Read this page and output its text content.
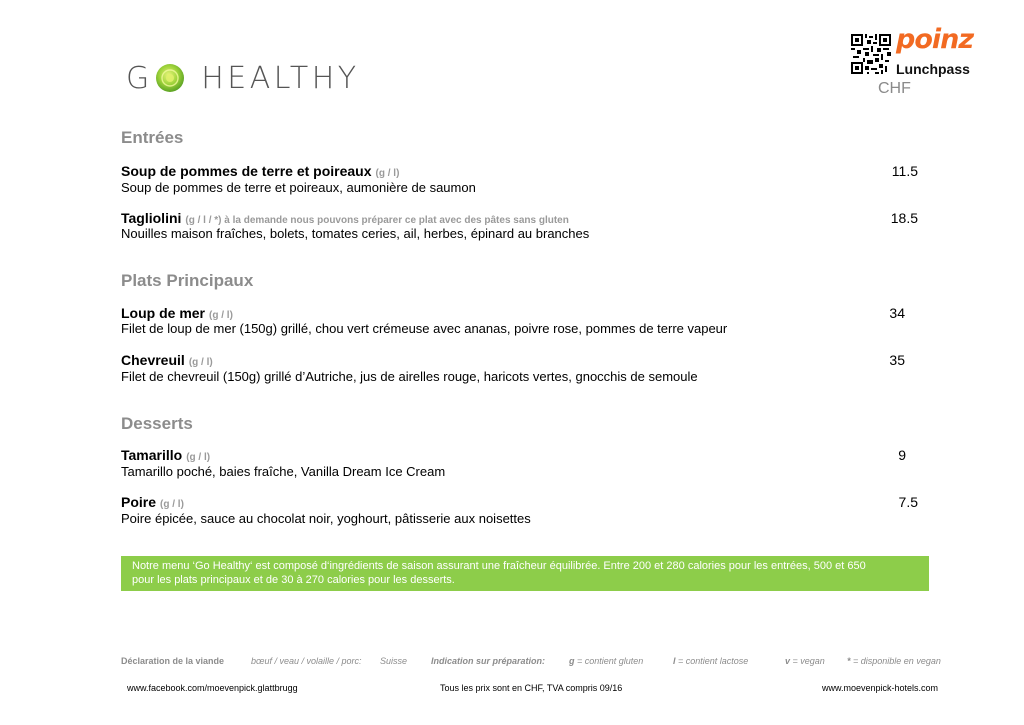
G HEALTHY
poinz
Lunchpass
CHF
Entrées
Soup de pommes de terre et poireaux (g / l)	11.5
Soup de pommes de terre et poireaux, aumonière de saumon
Tagliolini (g / l / *) à la demande nous pouvons préparer ce plat avec des pâtes sans gluten	18.5
Nouilles maison fraîches, bolets, tomates ceries, ail, herbes, épinard au branches
Plats Principaux
Loup de mer (g / l)	34
Filet de loup de mer (150g) grillé, chou vert crémeuse avec ananas, poivre rose, pommes de terre vapeur
Chevreuil (g / l)	35
Filet de chevreuil (150g) grillé d’Autriche, jus de airelles rouge, haricots vertes, gnocchis de semoule
Desserts
Tamarillo (g / l)	9
Tamarillo poché, baies fraîche, Vanilla Dream Ice Cream
Poire (g / l)	7.5
Poire épicée, sauce au chocolat noir, yoghourt, pâtisserie aux noisettes
Notre menu ‘Go Healthy‘ est composé d‘ingrédients de saison assurant une fraîcheur équilibrée. Entre 200 et 280 calories pour les entrées, 500 et 650
pour les plats principaux et de 30 à 270 calories pour les desserts.
Déclaration de la viande	bœuf / veau / volaille / porc: Suisse	Indication sur préparation:	g = contient gluten	l = contient lactose	v = vegan * = disponible en vegan
www.facebook.com/moevenpick.glattbrugg	Tous les prix sont en CHF, TVA compris 09/16	www.moevenpick-hotels.com
